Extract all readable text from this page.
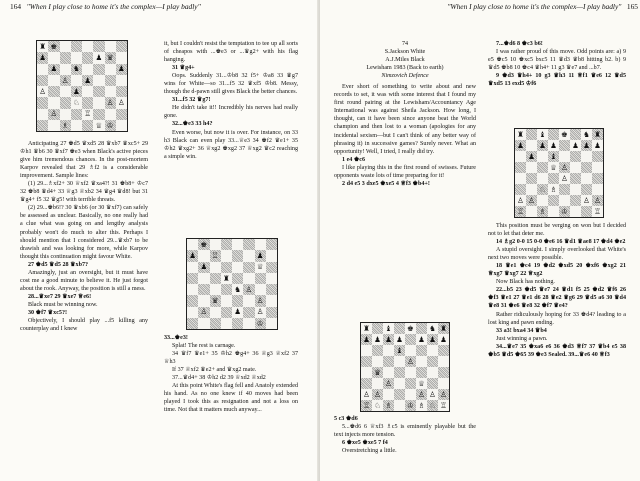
164 "When I play close to home it's the complex—I play badly"
♜ ♚
♟	♟ ♛
♟ ♞	♟
♙ ♟
♙	♟
♘	♙ ♙
♙	♖
♗	♕ ♔

Anticipating 27 ♚d5 ♛xd5 28 ♛xb7 ♛xc5+ 29 ♔h1 ♛b6 30 ♛xf7 ♚e3 when Black's active pieces give him tremendous chances. In the post-mortem Karpov revealed that 29 ♗f2 is a considerable improvement. Sample lines:

(1) 29...♗xf2+ 30 ♕xf2 ♛xa4?! 31 ♚b8+ ♔c7 32 ♚b8 ♛d4+ 33 ♕g3 ♕xb2 34 ♛g4 ♛d8! but 31 ♛g4+ f5 32 ♛g5! with terrible threats.

(2) 29...♚b6!? 30 ♛xb6 (or 30 ♛xf7) can safely be assessed as unclear. Basically, no one really had a clue what was going on and lengthy analysis probably won't do much to alter this. Perhaps I should mention that I considered 29...♛xb7 to be drawish and was looking for more, while Karpov thought this continuation might favour White.

27 ♚d5 ♛d5 28 ♛xb7?

Amazingly, just an oversight, but it must have cost me a good minute to believe it. He just forgot about the rook. Anyway, the position is still a mess.

28...♛xe7 29 ♛xe7 ♕e6!

Black must be winning now.

30 ♚f7 ♛xc5?!

Objectively, I should play ...f5 killing any counterplay and I knew

it, but I couldn't resist the temptation to tee up all sorts of cheapos with ...♚e3 or ...♛g2+ with his flag hanging.

31 ♛g4+

Oops. Suddenly 31...♔b8 32 f5+ ♔a8 33 ♛g7 wins for White—so 31...f5 32 ♛xf5 ♔b8. Messy, though the d-pawn still gives Black the better chances.

31...f5 32 ♛g7!

He didn't take it!! Incredibly his nerves had really gone.

32...♚e3 33 h4?

Even worse, but now it is over. For instance, on 33 h3 Black can even play 33...♕e3 34 ♚f2 ♛e1+ 35 ♔h2 ♛xg2+ 36 ♕xg2 ♚xg2 37 ♕xg2 ♛c2 reaching a simple win.

♚
♟ ♖	♟
♟	♕
♜
♞ ♙
♛	♙
♙	♟ ♙
♔
33...♚e3!

Splat! The rest is carnage.

34 ♛f7 ♛e1+ 35 ♔h2 ♚g4+ 36 ♕g3 ♕xf2 37 ♕h3

If 37 ♕xf2 ♛e2+ and ♛xg2 mate.

37...♛d4+ 38 ♔h2 d2 39 ♕xd2 ♕xd2

At this point White's flag fell and Anatoly extended his hand. As no one knew if 40 moves had been played I took this as resignation and not a loss on time. Not that it matters much anyway...

"When I play close to home it's the complex—I play badly" 165
74
S.Jackson White
A.J.Miles Black
Lewisham 1983 (Back to earth)
Nimzovich Defence

Ever short of something to write about and new records to set, it was with some interest that I found my first round pairing at the Lewisham/Accountancy Age International was against Sheila Jackson. How long, I thought, can it have been since anyone beat the World champion and then lost to a woman (apologies for any incidental sexism—but I can't think of any better way of phrasing it) in successive games? Surely never. What an opportunity! Well, I tried, I really did try.

1 e4 ♚c6

I like playing this in the first round of swisses. Future opponents waste lots of time preparing for it!

2 d4 e5 3 dxe5 ♚xe5 4 ♕f3 ♚b4+!

♜ ♝ ♚ ♞ ♜
♟ ♟ ♟ ♟ ♟ ♟ ♟
♝
♙
♛
♙	♕
♙ ♙	♙ ♙ ♙
♖ ♘ ♗ ♔ ♗ ♘ ♖
5 c3 ♚d6

5...♚d6 6 ♕xf3 ♗c5 is eminently playable but the text injects more tension.

6 ♚xe5 ♚xe5 7 f4

Overstretching a little.

7...♚d6 8 ♚c3 b6!

I was rather proud of this move. Odd points are: a) 9 e5 ♚c5 10 ♚xc5 bxc5 11 ♛d3 ♛b8 hitting b2. b) 9 ♛d5 ♚b8 10 ♚c4 ♛h4+ 11 g3 ♛e7 and ...b7.

9 ♚d3 ♛h4+ 10 g3 ♛h3 11 ♕f1 ♛e6 12 ♛d5 ♛xd5 13 exd5 ♔f6
♜ ♝ ♚ ♞ ♜
♟ ♟ ♟ ♟ ♟ ♟
♟ ♝
♕ ♙
♙
♘ ♗
♙ ♙	♙ ♙
♖ ♗ ♔	♖

This position must be verging on won but I decided not to let that deter me.

14 ♗g2 0-0 15 0-0 ♚e6 16 ♛d1 ♛ae8 17 ♚d4 ♚e2

A stupid oversight. I simply overlooked that White's next two moves were possible.

18 ♛e1 ♚c4 19 ♚d2 ♚xd5 20 ♚xf6 ♚xg2 21 ♕xg7 ♛xg7 22 ♕xg2

Now Black has nothing.

22...b5 23 ♚d5 ♛e7 24 ♛d1 f5 25 ♚d2 ♛f6 26 ♚f3 ♛e1 27 ♛e1 d6 28 ♛e2 ♛g6 29 ♛d5 a6 30 ♛d4 ♛e8 31 ♚e6 ♛e8 32 ♚f7 ♛e4?

Rather ridiculously hoping for 33 ♚d4? leading to a lost king and pawn ending.

33 a3! bxa4 34 ♛b4

Just winning a pawn.

34...♛e7 35 ♚xa6 e6 36 ♚d3 ♕f7 37 ♛b4 e5 38 ♚b5 ♛d5 ♚65 39 ♚e3 Sealed. 39...♛e6 40 ♕f3
